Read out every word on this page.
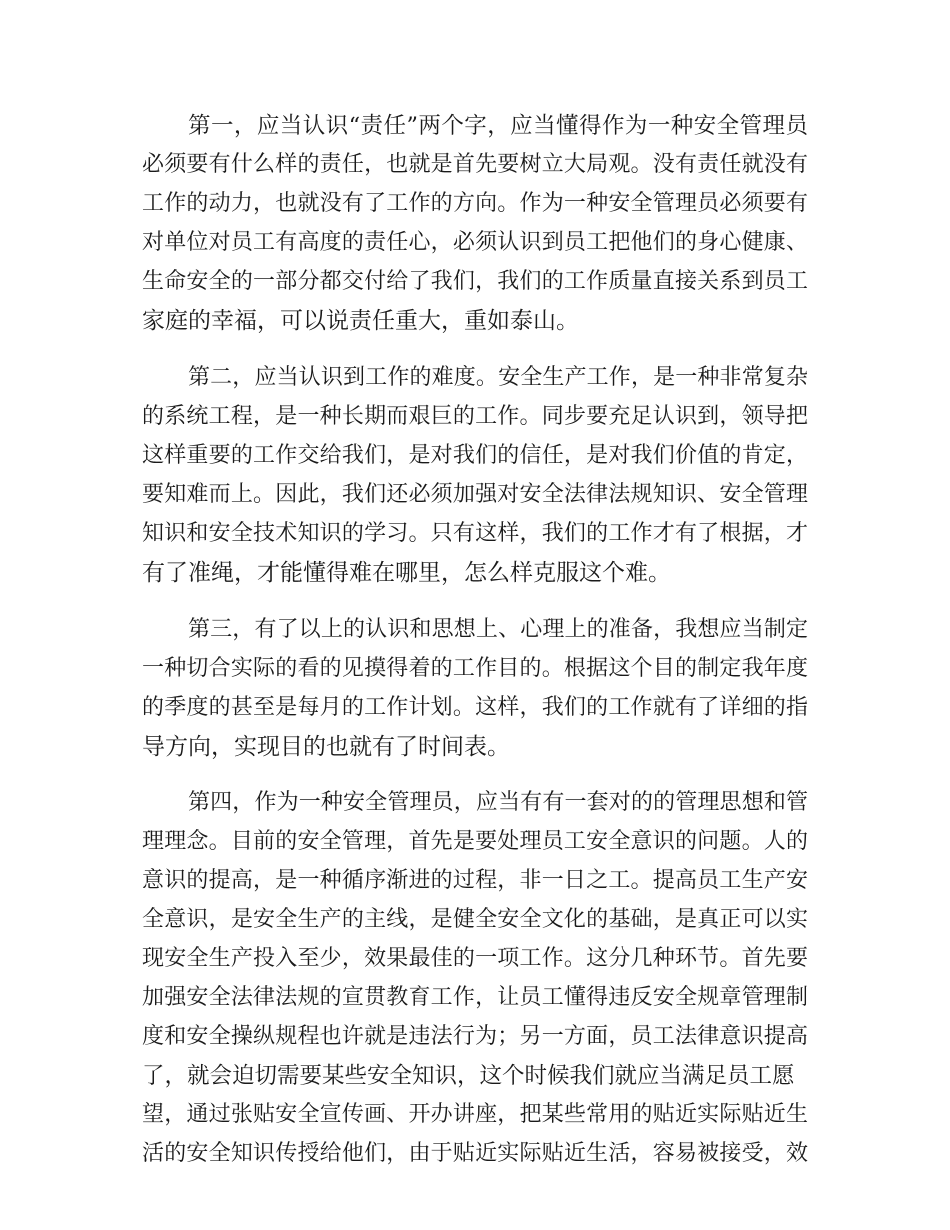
第一，应当认识“责任”两个字，应当懂得作为一种安全管理员
必须要有什么样的责任，也就是首先要树立大局观。没有责任就没有
工作的动力，也就没有了工作的方向。作为一种安全管理员必须要有
对单位对员工有高度的责任心，必须认识到员工把他们的身心健康、
生命安全的一部分都交付给了我们，我们的工作质量直接关系到员工
家庭的幸福，可以说责任重大，重如泰山。
第二，应当认识到工作的难度。安全生产工作，是一种非常复杂
的系统工程，是一种长期而艰巨的工作。同步要充足认识到，领导把
这样重要的工作交给我们，是对我们的信任，是对我们价值的肯定，
要知难而上。因此，我们还必须加强对安全法律法规知识、安全管理
知识和安全技术知识的学习。只有这样，我们的工作才有了根据，才
有了准绳，才能懂得难在哪里，怎么样克服这个难。
第三，有了以上的认识和思想上、心理上的准备，我想应当制定
一种切合实际的看的见摸得着的工作目的。根据这个目的制定我年度
的季度的甚至是每月的工作计划。这样，我们的工作就有了详细的指
导方向，实现目的也就有了时间表。
第四，作为一种安全管理员，应当有有一套对的的管理思想和管
理理念。目前的安全管理，首先是要处理员工安全意识的问题。人的
意识的提高，是一种循序渐进的过程，非一日之工。提高员工生产安
全意识，是安全生产的主线，是健全安全文化的基础，是真正可以实
现安全生产投入至少，效果最佳的一项工作。这分几种环节。首先要
加强安全法律法规的宣贯教育工作，让员工懂得违反安全规章管理制
度和安全操纵规程也许就是违法行为；另一方面，员工法律意识提高
了，就会迫切需要某些安全知识，这个时候我们就应当满足员工愿
望，通过张贴安全宣传画、开办讲座，把某些常用的贴近实际贴近生
活的安全知识传授给他们，由于贴近实际贴近生活，容易被接受，效
